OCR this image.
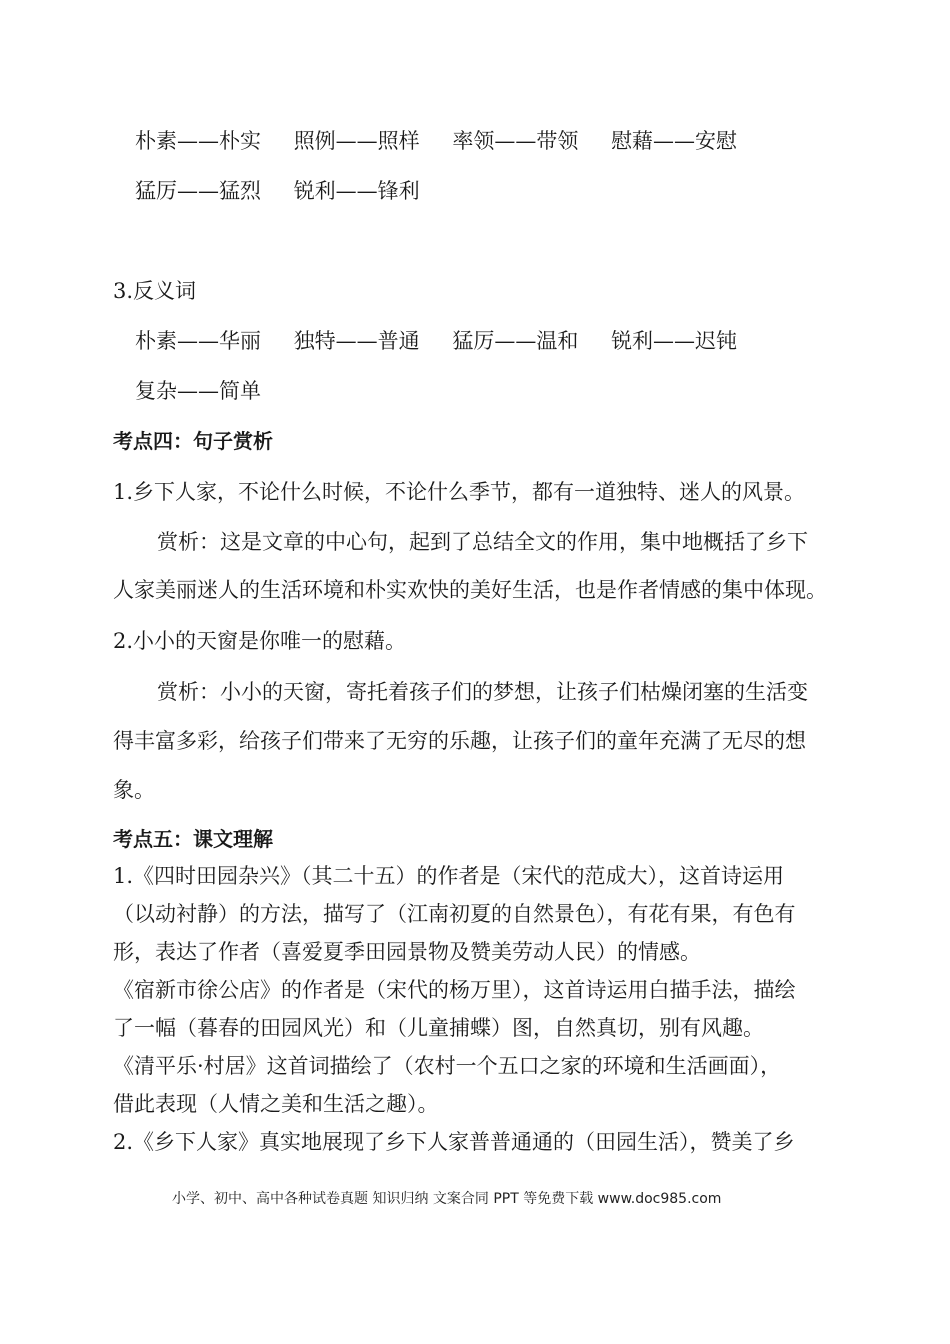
朴素——朴实 照例——照样 率领——带领 慰藉——安慰
猛厉——猛烈 锐利——锋利
3.反义词
朴素——华丽 独特——普通 猛厉——温和 锐利——迟钝
复杂——简单
考点四：句子赏析
1.乡下人家，不论什么时候，不论什么季节，都有一道独特、迷人的风景。
赏析：这是文章的中心句，起到了总结全文的作用，集中地概括了乡下
人家美丽迷人的生活环境和朴实欢快的美好生活，也是作者情感的集中体现。
2.小小的天窗是你唯一的慰藉。
赏析：小小的天窗，寄托着孩子们的梦想，让孩子们枯燥闭塞的生活变
得丰富多彩，给孩子们带来了无穷的乐趣，让孩子们的童年充满了无尽的想
象。
考点五：课文理解
1.《四时田园杂兴》（其二十五）的作者是（宋代的范成大），这首诗运用
（以动衬静）的方法，描写了（江南初夏的自然景色），有花有果，有色有
形，表达了作者（喜爱夏季田园景物及赞美劳动人民）的情感。
《宿新市徐公店》的作者是（宋代的杨万里），这首诗运用白描手法，描绘
了一幅（暮春的田园风光）和（儿童捕蝶）图，自然真切，别有风趣。
《清平乐·村居》这首词描绘了（农村一个五口之家的环境和生活画面），
借此表现（人情之美和生活之趣）。
2.《乡下人家》真实地展现了乡下人家普普通通的（田园生活），赞美了乡
小学、初中、高中各种试卷真题 知识归纳 文案合同 PPT 等免费下载 www.doc985.com
